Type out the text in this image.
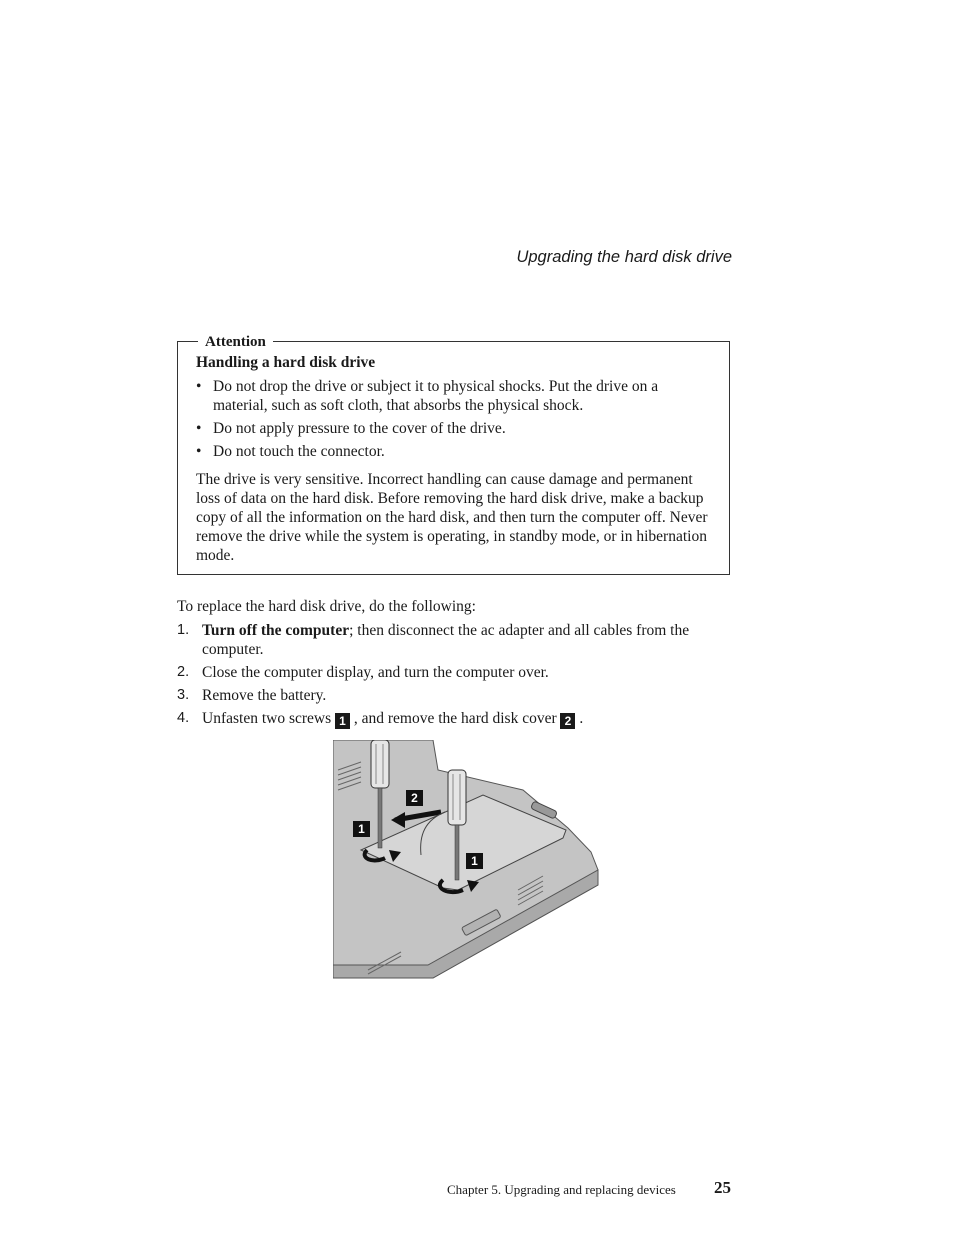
Upgrading the hard disk drive
Attention
Handling a hard disk drive
• Do not drop the drive or subject it to physical shocks. Put the drive on a material, such as soft cloth, that absorbs the physical shock.
• Do not apply pressure to the cover of the drive.
• Do not touch the connector.

The drive is very sensitive. Incorrect handling can cause damage and permanent loss of data on the hard disk. Before removing the hard disk drive, make a backup copy of all the information on the hard disk, and then turn the computer off. Never remove the drive while the system is operating, in standby mode, or in hibernation mode.

To replace the hard disk drive, do the following:

1. Turn off the computer; then disconnect the ac adapter and all cables from the computer.
2. Close the computer display, and turn the computer over.
3. Remove the battery.
4. Unfasten two screws 1 , and remove the hard disk cover 2 .
2
1
1
Chapter 5. Upgrading and replacing devices 25
